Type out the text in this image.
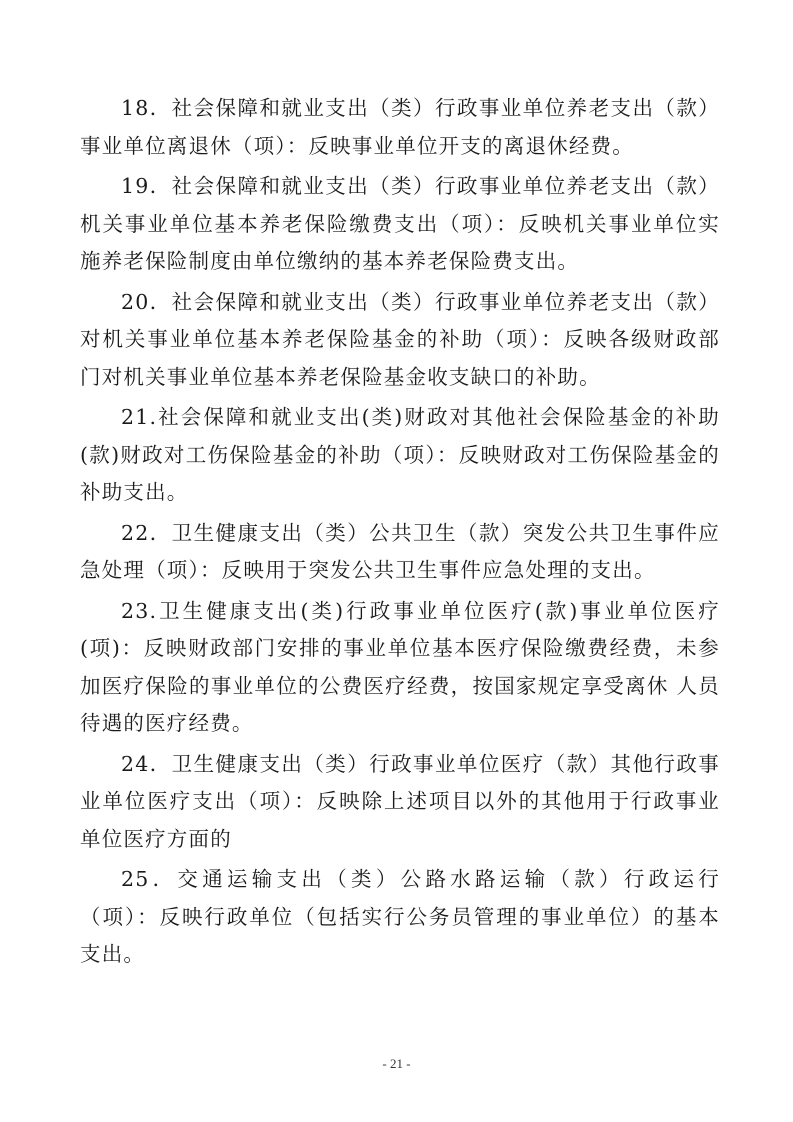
18．社会保障和就业支出（类）行政事业单位养老支出（款）事业单位离退休（项）：反映事业单位开支的离退休经费。

19．社会保障和就业支出（类）行政事业单位养老支出（款）机关事业单位基本养老保险缴费支出（项）：反映机关事业单位实施养老保险制度由单位缴纳的基本养老保险费支出。

20．社会保障和就业支出（类）行政事业单位养老支出（款）对机关事业单位基本养老保险基金的补助（项）：反映各级财政部门对机关事业单位基本养老保险基金收支缺口的补助。

21.社会保障和就业支出(类)财政对其他社会保险基金的补助(款)财政对工伤保险基金的补助（项）：反映财政对工伤保险基金的补助支出。

22．卫生健康支出（类）公共卫生（款）突发公共卫生事件应急处理（项）：反映用于突发公共卫生事件应急处理的支出。

23.卫生健康支出(类)行政事业单位医疗(款)事业单位医疗(项)：反映财政部门安排的事业单位基本医疗保险缴费经费，未参 加医疗保险的事业单位的公费医疗经费，按国家规定享受离休 人员待遇的医疗经费。

24．卫生健康支出（类）行政事业单位医疗（款）其他行政事业单位医疗支出（项）：反映除上述项目以外的其他用于行政事业单位医疗方面的

25．交通运输支出（类）公路水路运输（款）行政运行（项）：反映行政单位（包括实行公务员管理的事业单位）的基本支出。

- 21 -
